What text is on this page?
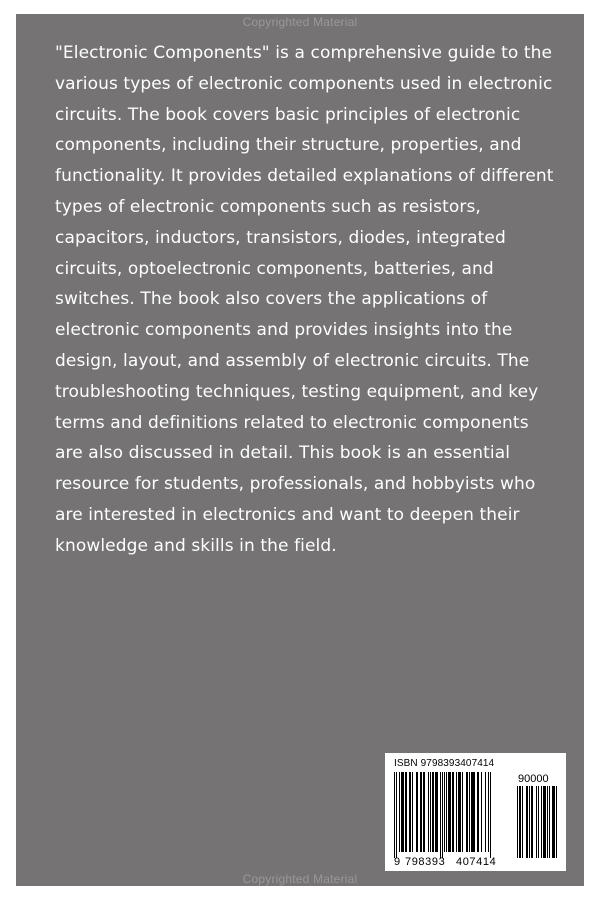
Copyrighted Material

"Electronic Components" is a comprehensive guide to the various types of electronic components used in electronic circuits. The book covers basic principles of electronic components, including their structure, properties, and functionality. It provides detailed explanations of different types of electronic components such as resistors, capacitors, inductors, transistors, diodes, integrated circuits, optoelectronic components, batteries, and switches. The book also covers the applications of electronic components and provides insights into the design, layout, and assembly of electronic circuits. The troubleshooting techniques, testing equipment, and key terms and definitions related to electronic components are also discussed in detail. This book is an essential resource for students, professionals, and hobbyists who are interested in electronics and want to deepen their knowledge and skills in the field.

ISBN 9798393407414
90000
9 798393 407414
Copyrighted Material
